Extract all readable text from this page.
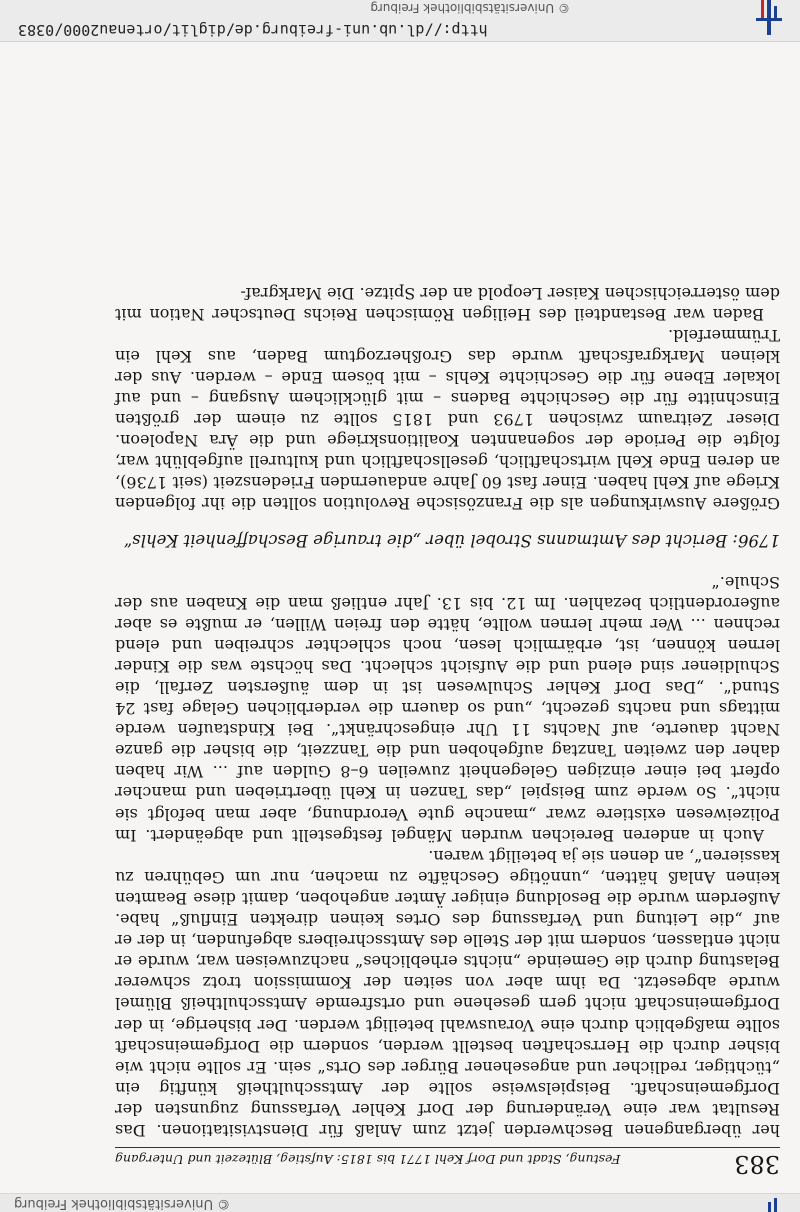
© Universitätsbibliothek Freiburg
383
Festung, Stadt und Dorf Kehl 1771 bis 1815: Aufstieg, Blütezeit und Untergang

her übergangenen Beschwerden jetzt zum Anlaß für Dienstvisitationen. Das Resultat war eine Veränderung der Dorf Kehler Verfassung zugunsten der Dorfgemeinschaft. Beispielsweise sollte der Amtsschultheiß künftig ein „tüchtiger, redlicher und angesehener Bürger des Orts“ sein. Er sollte nicht wie bisher durch die Herrschaften bestellt werden, sondern die Dorfgemeinschaft sollte maßgeblich durch eine Vorauswahl beteiligt werden. Der bisherige, in der Dorfgemeinschaft nicht gern gesehene und ortsfremde Amtsschultheiß Blümel wurde abgesetzt. Da ihm aber von seiten der Kommission trotz schwerer Belastung durch die Gemeinde „nichts erhebliches“ nachzuweisen war, wurde er nicht entlassen, sondern mit der Stelle des Amtsschreibers abgefunden, in der er auf „die Leitung und Verfassung des Ortes keinen direkten Einfluß“ habe. Außerdem wurde die Besoldung einiger Ämter angehoben, damit diese Beamten keinen Anlaß hätten, „unnötige Geschäfte zu machen, nur um Gebühren zu kassieren“, an denen sie ja beteiligt waren.

Auch in anderen Bereichen wurden Mängel festgestellt und abgeändert. Im Polizeiwesen existiere zwar „manche gute Verordnung, aber man befolgt sie nicht“. So werde zum Beispiel „das Tanzen in Kehl übertrieben und mancher opfert bei einer einzigen Gelegenheit zuweilen 6–8 Gulden auf ... Wir haben daher den zweiten Tanztag aufgehoben und die Tanzzeit, die bisher die ganze Nacht dauerte, auf Nachts 11 Uhr eingeschränkt“. Bei Kindstaufen werde mittags und nachts gezecht, „und so dauern die verderblichen Gelage fast 24 Stund“. „Das Dorf Kehler Schulwesen ist in dem äußersten Zerfall, die Schuldiener sind elend und die Aufsicht schlecht. Das höchste was die Kinder lernen können, ist, erbärmlich lesen, noch schlechter schreiben und elend rechnen ... Wer mehr lernen wollte, hätte den freien Willen, er mußte es aber außerordentlich bezahlen. Im 12. bis 13. Jahr entließ man die Knaben aus der Schule.“

1796: Bericht des Amtmanns Strobel über „die traurige Beschaffenheit Kehls“

Größere Auswirkungen als die Französische Revolution sollten die ihr folgenden Kriege auf Kehl haben. Einer fast 60 Jahre andauernden Friedenszeit (seit 1736), an deren Ende Kehl wirtschaftlich, gesellschaftlich und kulturell aufgeblüht war, folgte die Periode der sogenannten Koalitionskriege und die Ära Napoleon. Dieser Zeitraum zwischen 1793 und 1815 sollte zu einem der größten Einschnitte für die Geschichte Badens – mit glücklichem Ausgang – und auf lokaler Ebene für die Geschichte Kehls – mit bösem Ende – werden. Aus der kleinen Markgrafschaft wurde das Großherzogtum Baden, aus Kehl ein Trümmerfeld.

Baden war Bestandteil des Heiligen Römischen Reichs Deutscher Nation mit dem österreichischen Kaiser Leopold an der Spitze. Die Markgraf-

© Universitätsbibliothek Freiburg
http://dl.ub.uni-freiburg.de/diglit/ortenau2000/0383
